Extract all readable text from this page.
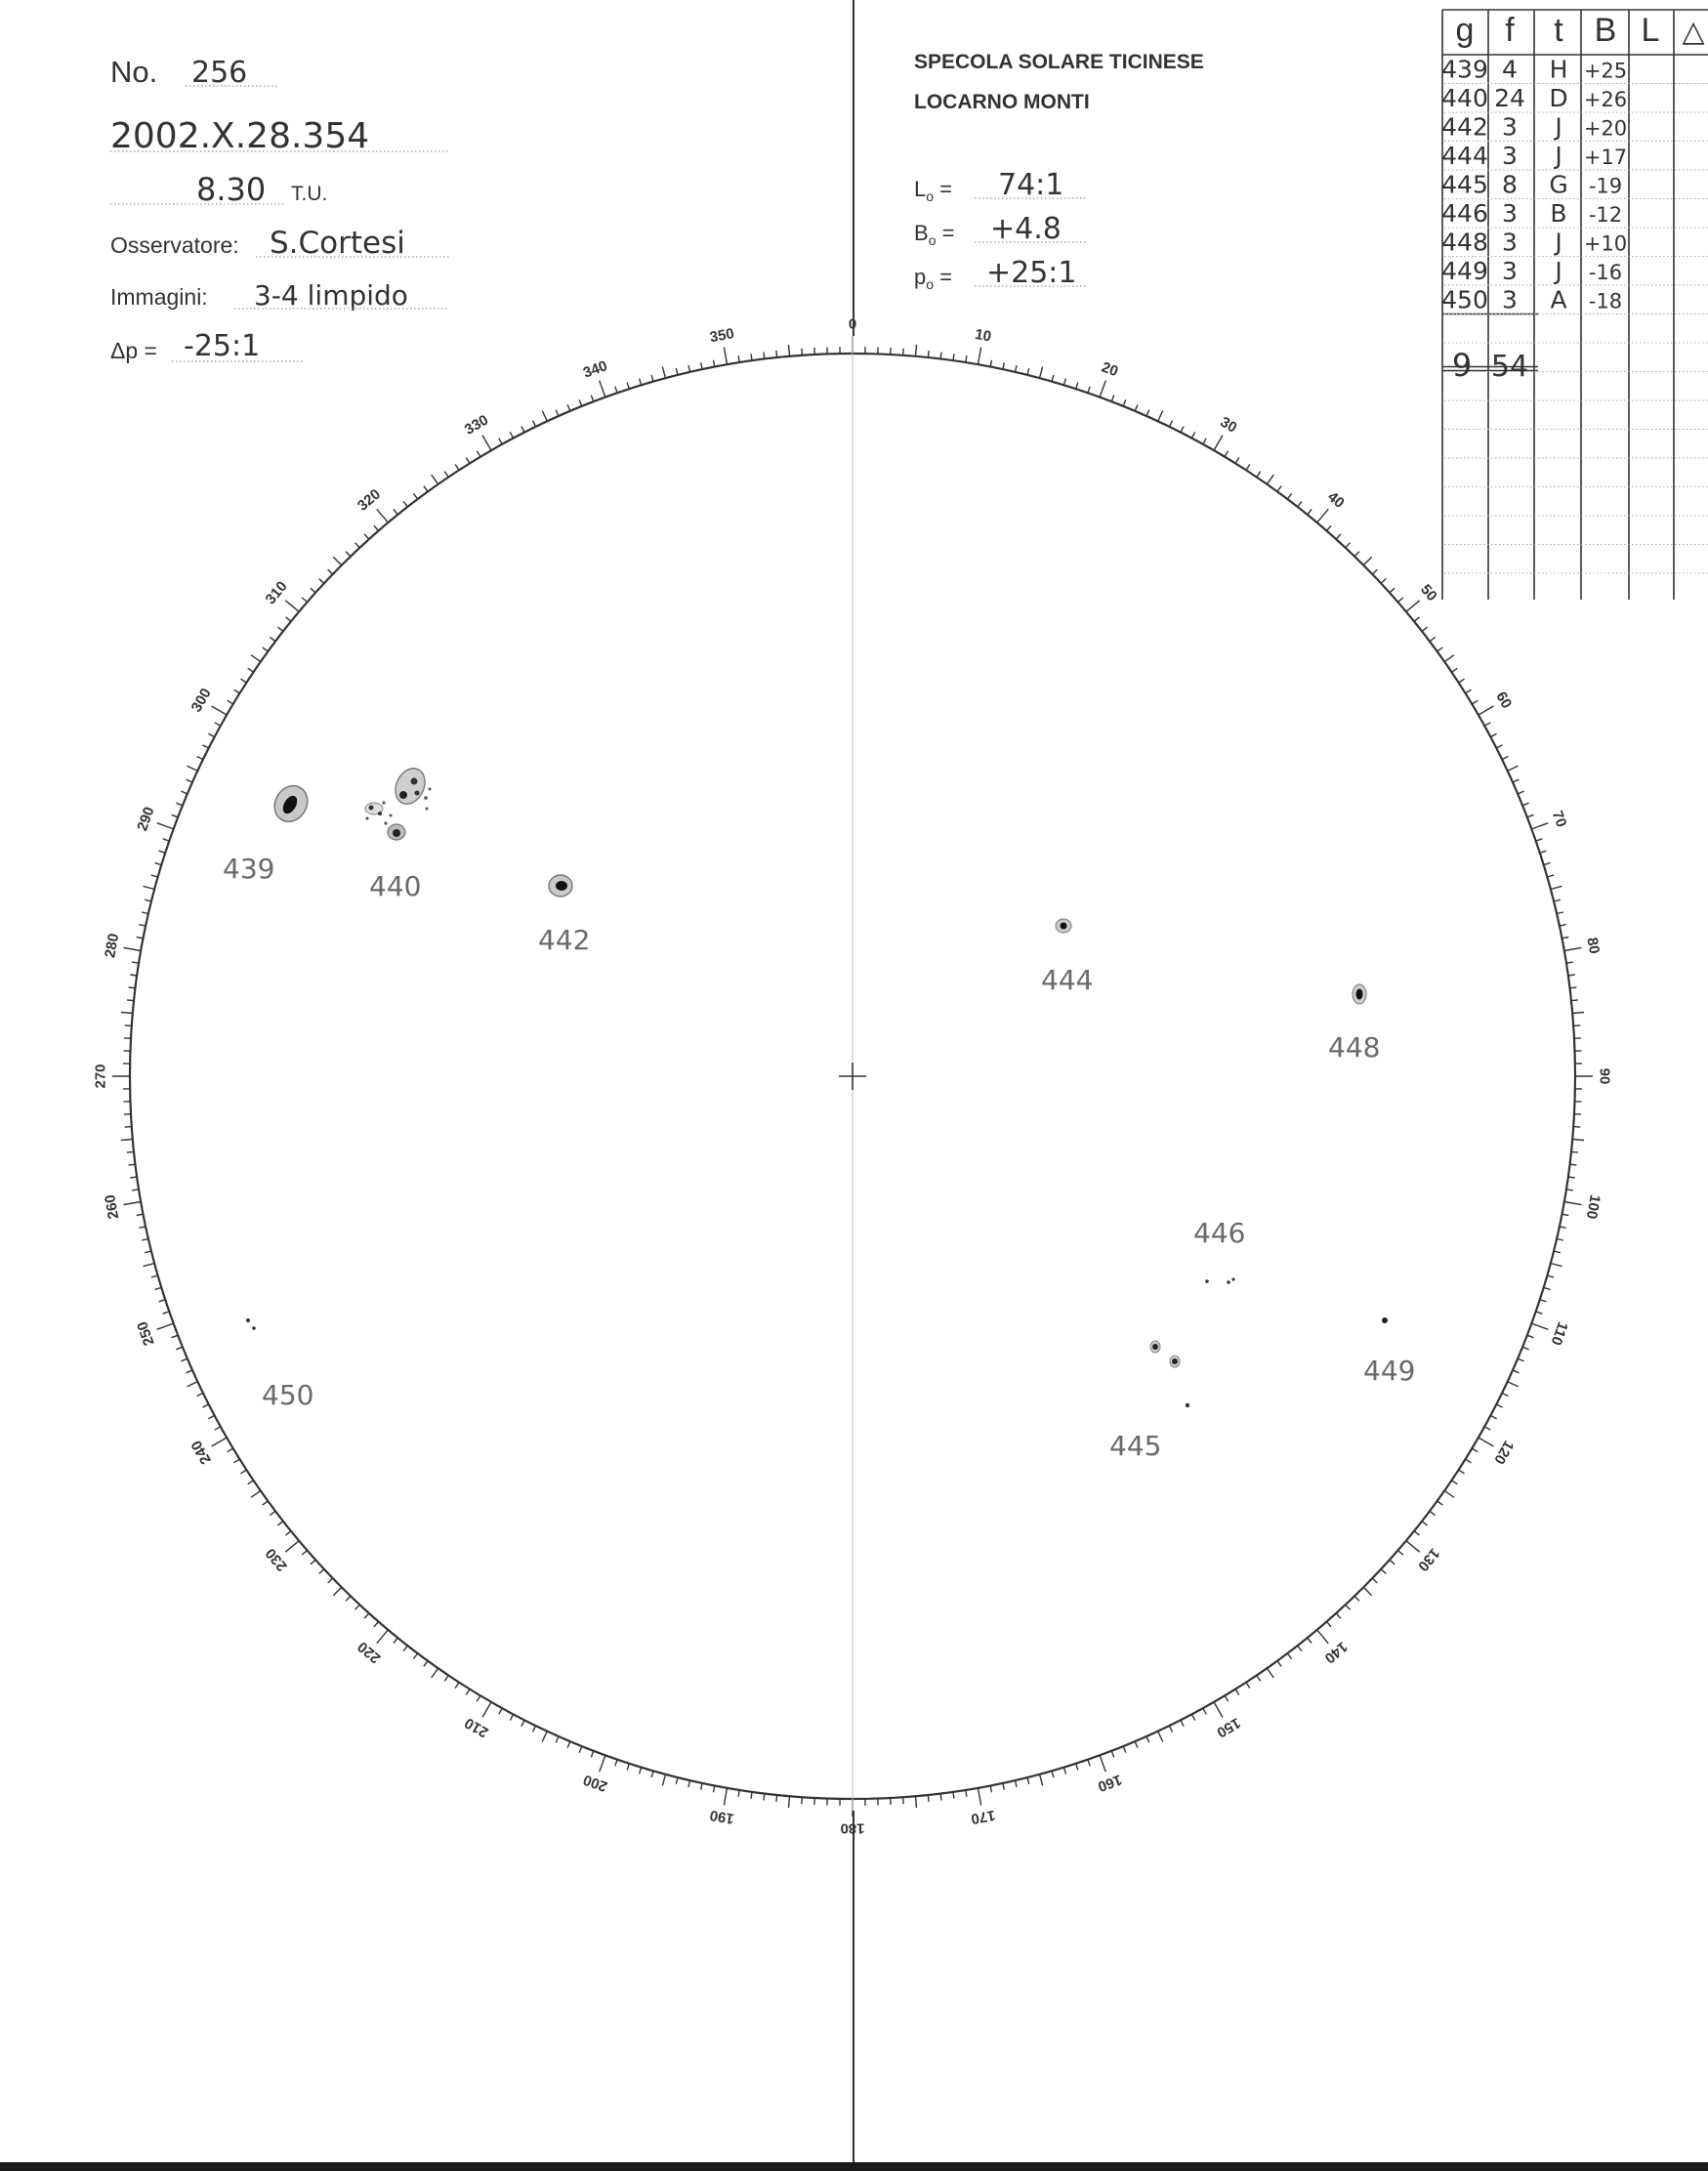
No. 256
2002.X.28.354
8.30 T.U.
Osservatore: S.Cortesi
Immagini: 3-4 limpido
Δp = -25:1
SPECOLA SOLARE TICINESE
LOCARNO MONTI
$L_o$ = 74:1
$B_o = +4.8$
$p_o$ = +25:1
g f t B L △
439 4 H +25
440 24 D +26
442 3 J +20
444 3 J +17
445 8 G -19
446 3 B -12
448 3 J +10
449 3 J -16
450 3 A -18
9 54
0
10
20
30
40
50
60
70
80
90
100
110
120
130
140
150
160
170
180
190
200
210
220
230
240
250
260
270
280
290
300
310
320
330
340
350
439
440
442
444
448
446
449
450
445
